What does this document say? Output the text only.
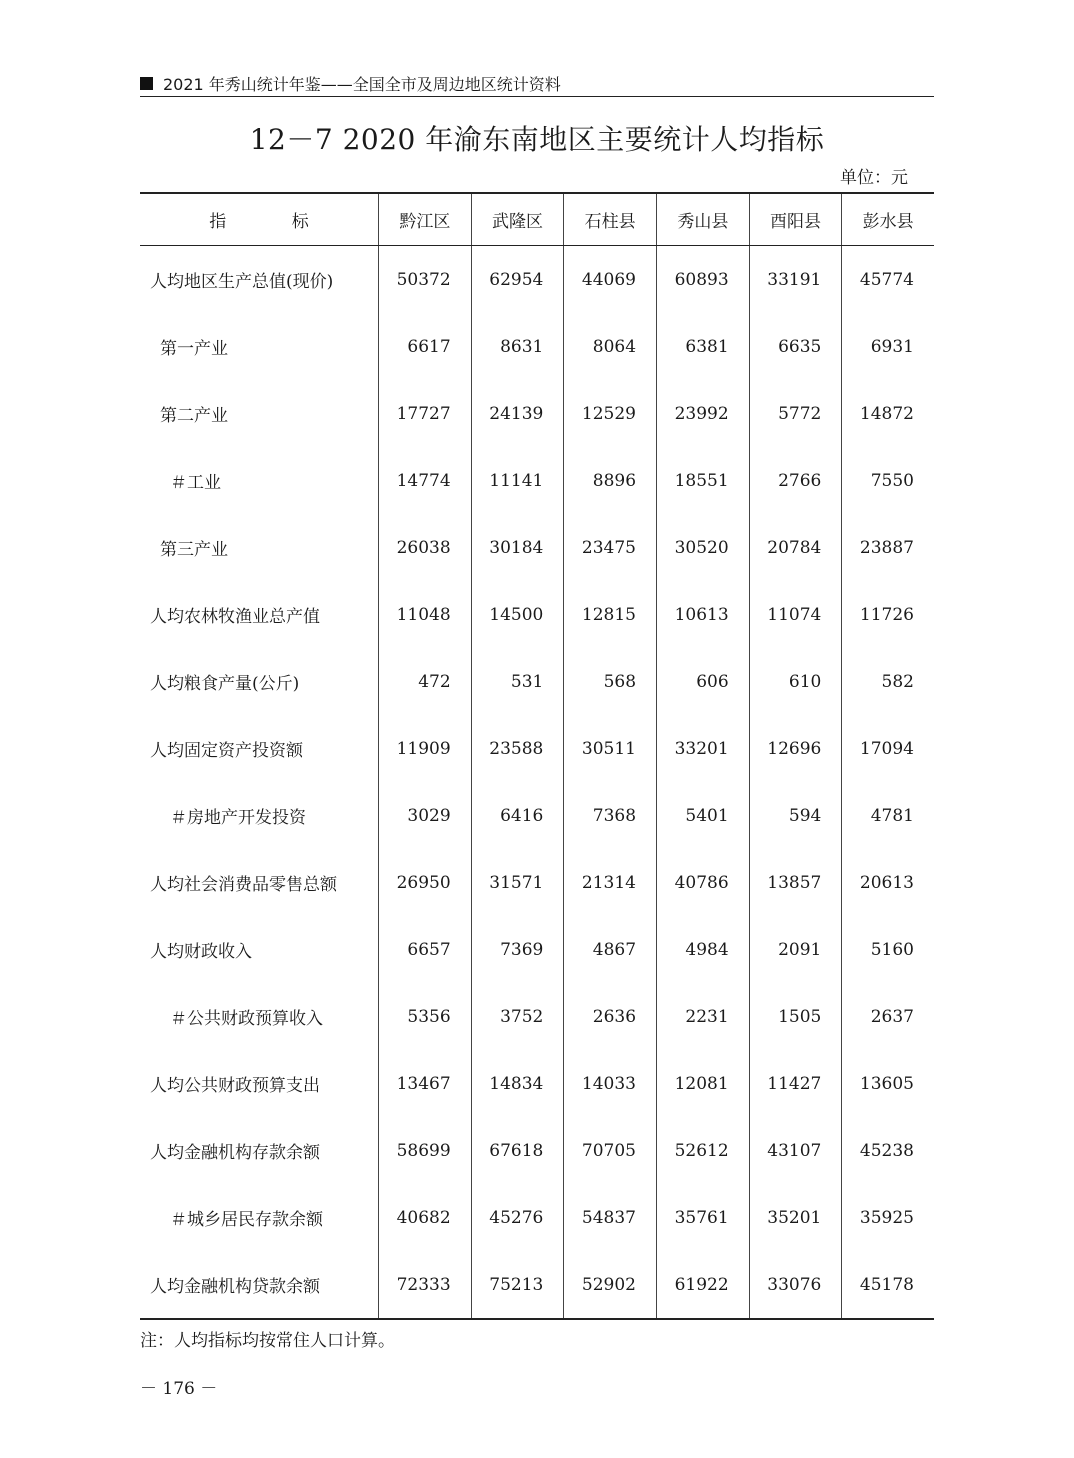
2021 年秀山统计年鉴——全国全市及周边地区统计资料
12－7 2020 年渝东南地区主要统计人均指标
单位：元
指 标	黔江区	武隆区	石柱县	秀山县	酉阳县	彭水县
人均地区生产总值(现价)	50372	62954	44069	60893	33191	45774
第一产业	6617	8631	8064	6381	6635	6931
第二产业	17727	24139	12529	23992	5772	14872
＃工业	14774	11141	8896	18551	2766	7550
第三产业	26038	30184	23475	30520	20784	23887
人均农林牧渔业总产值	11048	14500	12815	10613	11074	11726
人均粮食产量(公斤)	472	531	568	606	610	582
人均固定资产投资额	11909	23588	30511	33201	12696	17094
＃房地产开发投资	3029	6416	7368	5401	594	4781
人均社会消费品零售总额	26950	31571	21314	40786	13857	20613
人均财政收入	6657	7369	4867	4984	2091	5160
＃公共财政预算收入	5356	3752	2636	2231	1505	2637
人均公共财政预算支出	13467	14834	14033	12081	11427	13605
人均金融机构存款余额	58699	67618	70705	52612	43107	45238
＃城乡居民存款余额	40682	45276	54837	35761	35201	35925
人均金融机构贷款余额	72333	75213	52902	61922	33076	45178
注：人均指标均按常住人口计算。
－ 176 －
